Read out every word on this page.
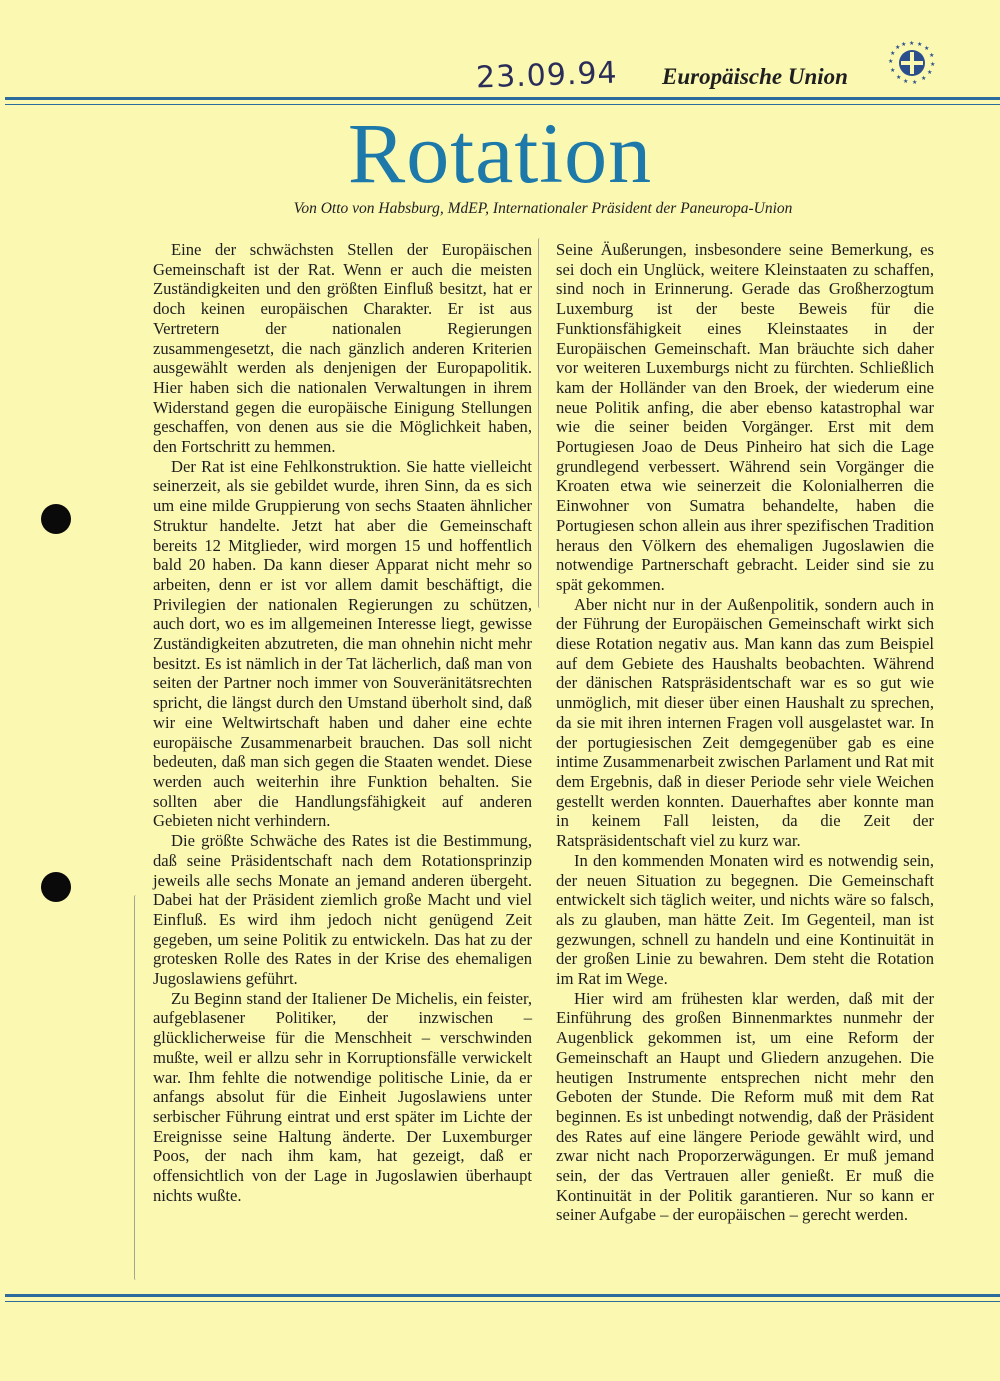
23.09.94 Europäische Union
★ ★
★
★
★
★
★
★
★
★
★
★
★
★ ★
Rotation
Von Otto von Habsburg, MdEP, Internationaler Präsident der Paneuropa-Union

Eine der schwächsten Stellen der Europäischen Gemeinschaft ist der Rat. Wenn er auch die meisten Zuständigkeiten und den größten Einfluß besitzt, hat er doch keinen europäischen Charakter. Er ist aus Vertretern der nationalen Regierungen zusammengesetzt, die nach gänzlich anderen Kriterien ausgewählt werden als denjenigen der Europapolitik. Hier haben sich die nationalen Verwaltungen in ihrem Widerstand gegen die europäische Einigung Stellungen geschaffen, von denen aus sie die Möglichkeit haben, den Fortschritt zu hemmen.

Der Rat ist eine Fehlkonstruktion. Sie hatte vielleicht seinerzeit, als sie gebildet wurde, ihren Sinn, da es sich um eine milde Gruppierung von sechs Staaten ähnlicher Struktur handelte. Jetzt hat aber die Gemeinschaft bereits 12 Mitglieder, wird morgen 15 und hoffentlich bald 20 haben. Da kann dieser Apparat nicht mehr so arbeiten, denn er ist vor allem damit beschäftigt, die Privilegien der nationalen Regierungen zu schützen, auch dort, wo es im allgemeinen Interesse liegt, gewisse Zuständigkeiten abzutreten, die man ohnehin nicht mehr besitzt. Es ist nämlich in der Tat lächerlich, daß man von seiten der Partner noch immer von Souveränitätsrechten spricht, die längst durch den Umstand überholt sind, daß wir eine Weltwirtschaft haben und daher eine echte europäische Zusammenarbeit brauchen. Das soll nicht bedeuten, daß man sich gegen die Staaten wendet. Diese werden auch weiterhin ihre Funktion behalten. Sie sollten aber die Handlungsfähigkeit auf anderen Gebieten nicht verhindern.

Die größte Schwäche des Rates ist die Bestimmung, daß seine Präsidentschaft nach dem Rotationsprinzip jeweils alle sechs Monate an jemand anderen übergeht. Dabei hat der Präsident ziemlich große Macht und viel Einfluß. Es wird ihm jedoch nicht genügend Zeit gegeben, um seine Politik zu entwickeln. Das hat zu der grotesken Rolle des Rates in der Krise des ehemaligen Jugoslawiens geführt.

Zu Beginn stand der Italiener De Michelis, ein feister, aufgeblasener Politiker, der inzwischen – glücklicherweise für die Menschheit – verschwinden mußte, weil er allzu sehr in Korruptionsfälle verwickelt war. Ihm fehlte die notwendige politische Linie, da er anfangs absolut für die Einheit Jugoslawiens unter serbischer Führung eintrat und erst später im Lichte der Ereignisse seine Haltung änderte. Der Luxemburger Poos, der nach ihm kam, hat gezeigt, daß er offensichtlich von der Lage in Jugoslawien überhaupt nichts wußte.

Seine Äußerungen, insbesondere seine Bemerkung, es sei doch ein Unglück, weitere Kleinstaaten zu schaffen, sind noch in Erinnerung. Gerade das Großherzogtum Luxemburg ist der beste Beweis für die Funktionsfähigkeit eines Kleinstaates in der Europäischen Gemeinschaft. Man bräuchte sich daher vor weiteren Luxemburgs nicht zu fürchten. Schließlich kam der Holländer van den Broek, der wiederum eine neue Politik anfing, die aber ebenso katastrophal war wie die seiner beiden Vorgänger. Erst mit dem Portugiesen Joao de Deus Pinheiro hat sich die Lage grundlegend verbessert. Während sein Vorgänger die Kroaten etwa wie seinerzeit die Kolonialherren die Einwohner von Sumatra behandelte, haben die Portugiesen schon allein aus ihrer spezifischen Tradition heraus den Völkern des ehemaligen Jugoslawien die notwendige Partnerschaft gebracht. Leider sind sie zu spät gekommen.

Aber nicht nur in der Außenpolitik, sondern auch in der Führung der Europäischen Gemeinschaft wirkt sich diese Rotation negativ aus. Man kann das zum Beispiel auf dem Gebiete des Haushalts beobachten. Während der dänischen Ratspräsidentschaft war es so gut wie unmöglich, mit dieser über einen Haushalt zu sprechen, da sie mit ihren internen Fragen voll ausgelastet war. In der portugiesischen Zeit demgegenüber gab es eine intime Zusammenarbeit zwischen Parlament und Rat mit dem Ergebnis, daß in dieser Periode sehr viele Weichen gestellt werden konnten. Dauerhaftes aber konnte man in keinem Fall leisten, da die Zeit der Ratspräsidentschaft viel zu kurz war.

In den kommenden Monaten wird es notwendig sein, der neuen Situation zu begegnen. Die Gemeinschaft entwickelt sich täglich weiter, und nichts wäre so falsch, als zu glauben, man hätte Zeit. Im Gegenteil, man ist gezwungen, schnell zu handeln und eine Kontinuität in der großen Linie zu bewahren. Dem steht die Rotation im Rat im Wege.

Hier wird am frühesten klar werden, daß mit der Einführung des großen Binnenmarktes nunmehr der Augenblick gekommen ist, um eine Reform der Gemeinschaft an Haupt und Gliedern anzugehen. Die heutigen Instrumente entsprechen nicht mehr den Geboten der Stunde. Die Reform muß mit dem Rat beginnen. Es ist unbedingt notwendig, daß der Präsident des Rates auf eine längere Periode gewählt wird, und zwar nicht nach Proporzerwägungen. Er muß jemand sein, der das Vertrauen aller genießt. Er muß die Kontinuität in der Politik garantieren. Nur so kann er seiner Aufgabe – der europäischen – gerecht werden.
